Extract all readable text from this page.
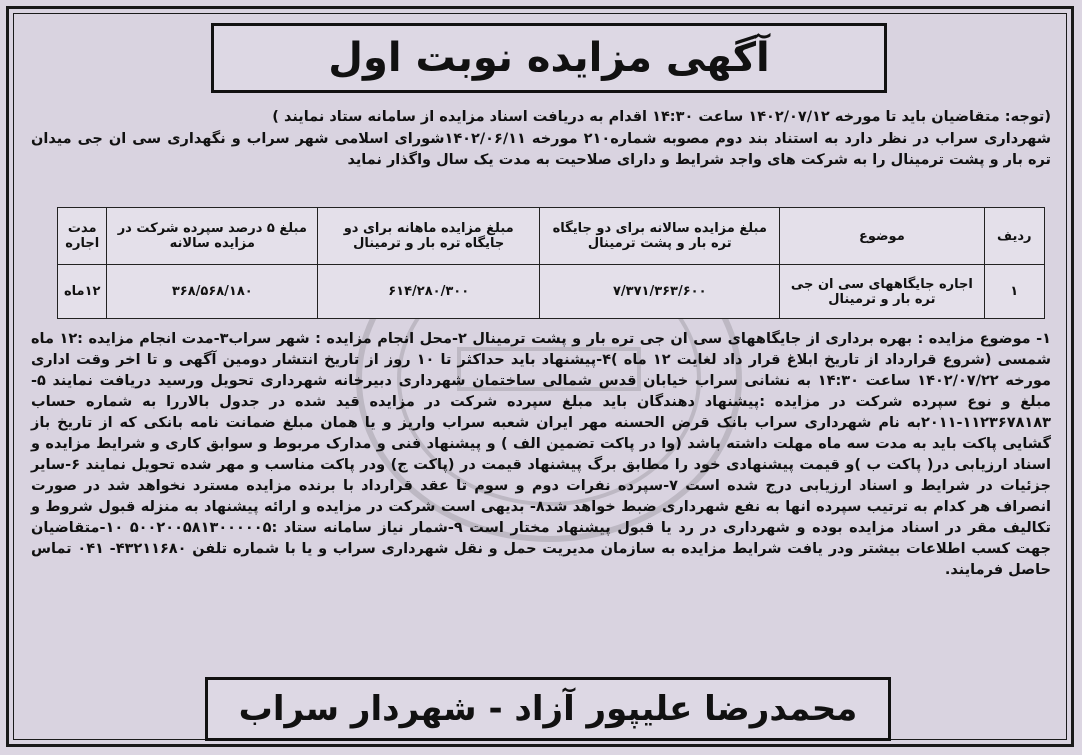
آگهی مزایده نوبت اول
(توجه: متقاضیان باید تا مورخه ۱۴۰۲/۰۷/۱۲ ساعت ۱۴:۳۰ اقدام به دریافت اسناد مزایده از سامانه ستاد نمایند )
شهرداری سراب در نظر دارد به استناد بند دوم مصوبه شماره۲۱۰ مورخه ۱۴۰۲/۰۶/۱۱شورای اسلامی شهر سراب و نگهداری سی ان جی میدان تره بار و پشت ترمینال را به شرکت های واجد شرایط و دارای صلاحیت به مدت یک سال واگذار نماید
ردیف	موضوع	مبلغ مزایده سالانه برای دو جایگاه تره بار و پشت ترمینال	مبلغ مزایده ماهانه برای دو جایگاه تره بار و ترمینال	مبلغ ۵ درصد سپرده شرکت در مزایده سالانه	مدت اجاره
۱	اجاره جایگاههای سی ان جی تره بار و ترمینال	۷/۳۷۱/۳۶۳/۶۰۰	۶۱۴/۲۸۰/۳۰۰	۳۶۸/۵۶۸/۱۸۰	۱۲ماه
۱- موضوع مزایده : بهره برداری از جایگاههای سی ان جی تره بار و پشت ترمینال ۲-محل انجام مزایده : شهر سراب۳-مدت انجام مزایده :۱۲ ماه شمسی (شروع قرارداد از تاریخ ابلاغ قرار داد لغایت ۱۲ ماه )۴-پیشنهاد باید حداکثر تا ۱۰ روز از تاریخ انتشار دومین آگهی و تا اخر وقت اداری مورخه ۱۴۰۲/۰۷/۲۲ ساعت ۱۴:۳۰ به نشانی سراب خیابان قدس شمالی ساختمان شهرداری دبیرخانه شهرداری تحویل ورسید دریافت نمایند ۵-مبلغ و نوع سپرده شرکت در مزایده :پیشنهاد دهندگان باید مبلغ سپرده شرکت در مزایده قید شده در جدول بالاررا به شماره حساب ۱۱۲۳۶۷۸۱۸۳-۲۰۱۱به نام شهرداری سراب بانک قرض الحسنه مهر ایران شعبه سراب واریز و یا همان مبلغ ضمانت نامه بانکی که از تاریخ باز گشایی پاکت باید به مدت سه ماه مهلت داشته باشد (وا در پاکت تضمین الف ) و پیشنهاد فنی و مدارک مربوط و سوابق کاری و شرایط مزایده و اسناد ارزیابی در( پاکت ب )و قیمت پیشنهادی خود را مطابق برگ پیشنهاد قیمت در (پاکت ج) ودر پاکت مناسب و مهر شده تحویل نمایند ۶-سایر جزئیات در شرایط و اسناد ارزیابی درج شده است ۷-سپرده نفرات دوم و سوم تا عقد قرارداد با برنده مزایده مسترد نخواهد شد در صورت انصراف هر کدام به ترتیب سپرده انها به نفع شهرداری ضبط خواهد شد۸- بدیهی است شرکت در مزایده و ارائه پیشنهاد به منزله قبول شروط و تکالیف مقر در اسناد مزایده بوده و شهرداری در رد یا قبول پیشنهاد مختار است ۹-شمار نیاز سامانه ستاد :۵۰۰۲۰۰۵۸۱۳۰۰۰۰۰۵ ۱۰-متقاضیان جهت کسب اطلاعات بیشتر ودر یافت شرایط مزایده به سازمان مدیریت حمل و نقل شهرداری سراب و یا با شماره تلفن ۴۳۲۱۱۶۸۰- ۰۴۱ تماس حاصل فرمایند.
محمدرضا علیپور آزاد - شهردار سراب
